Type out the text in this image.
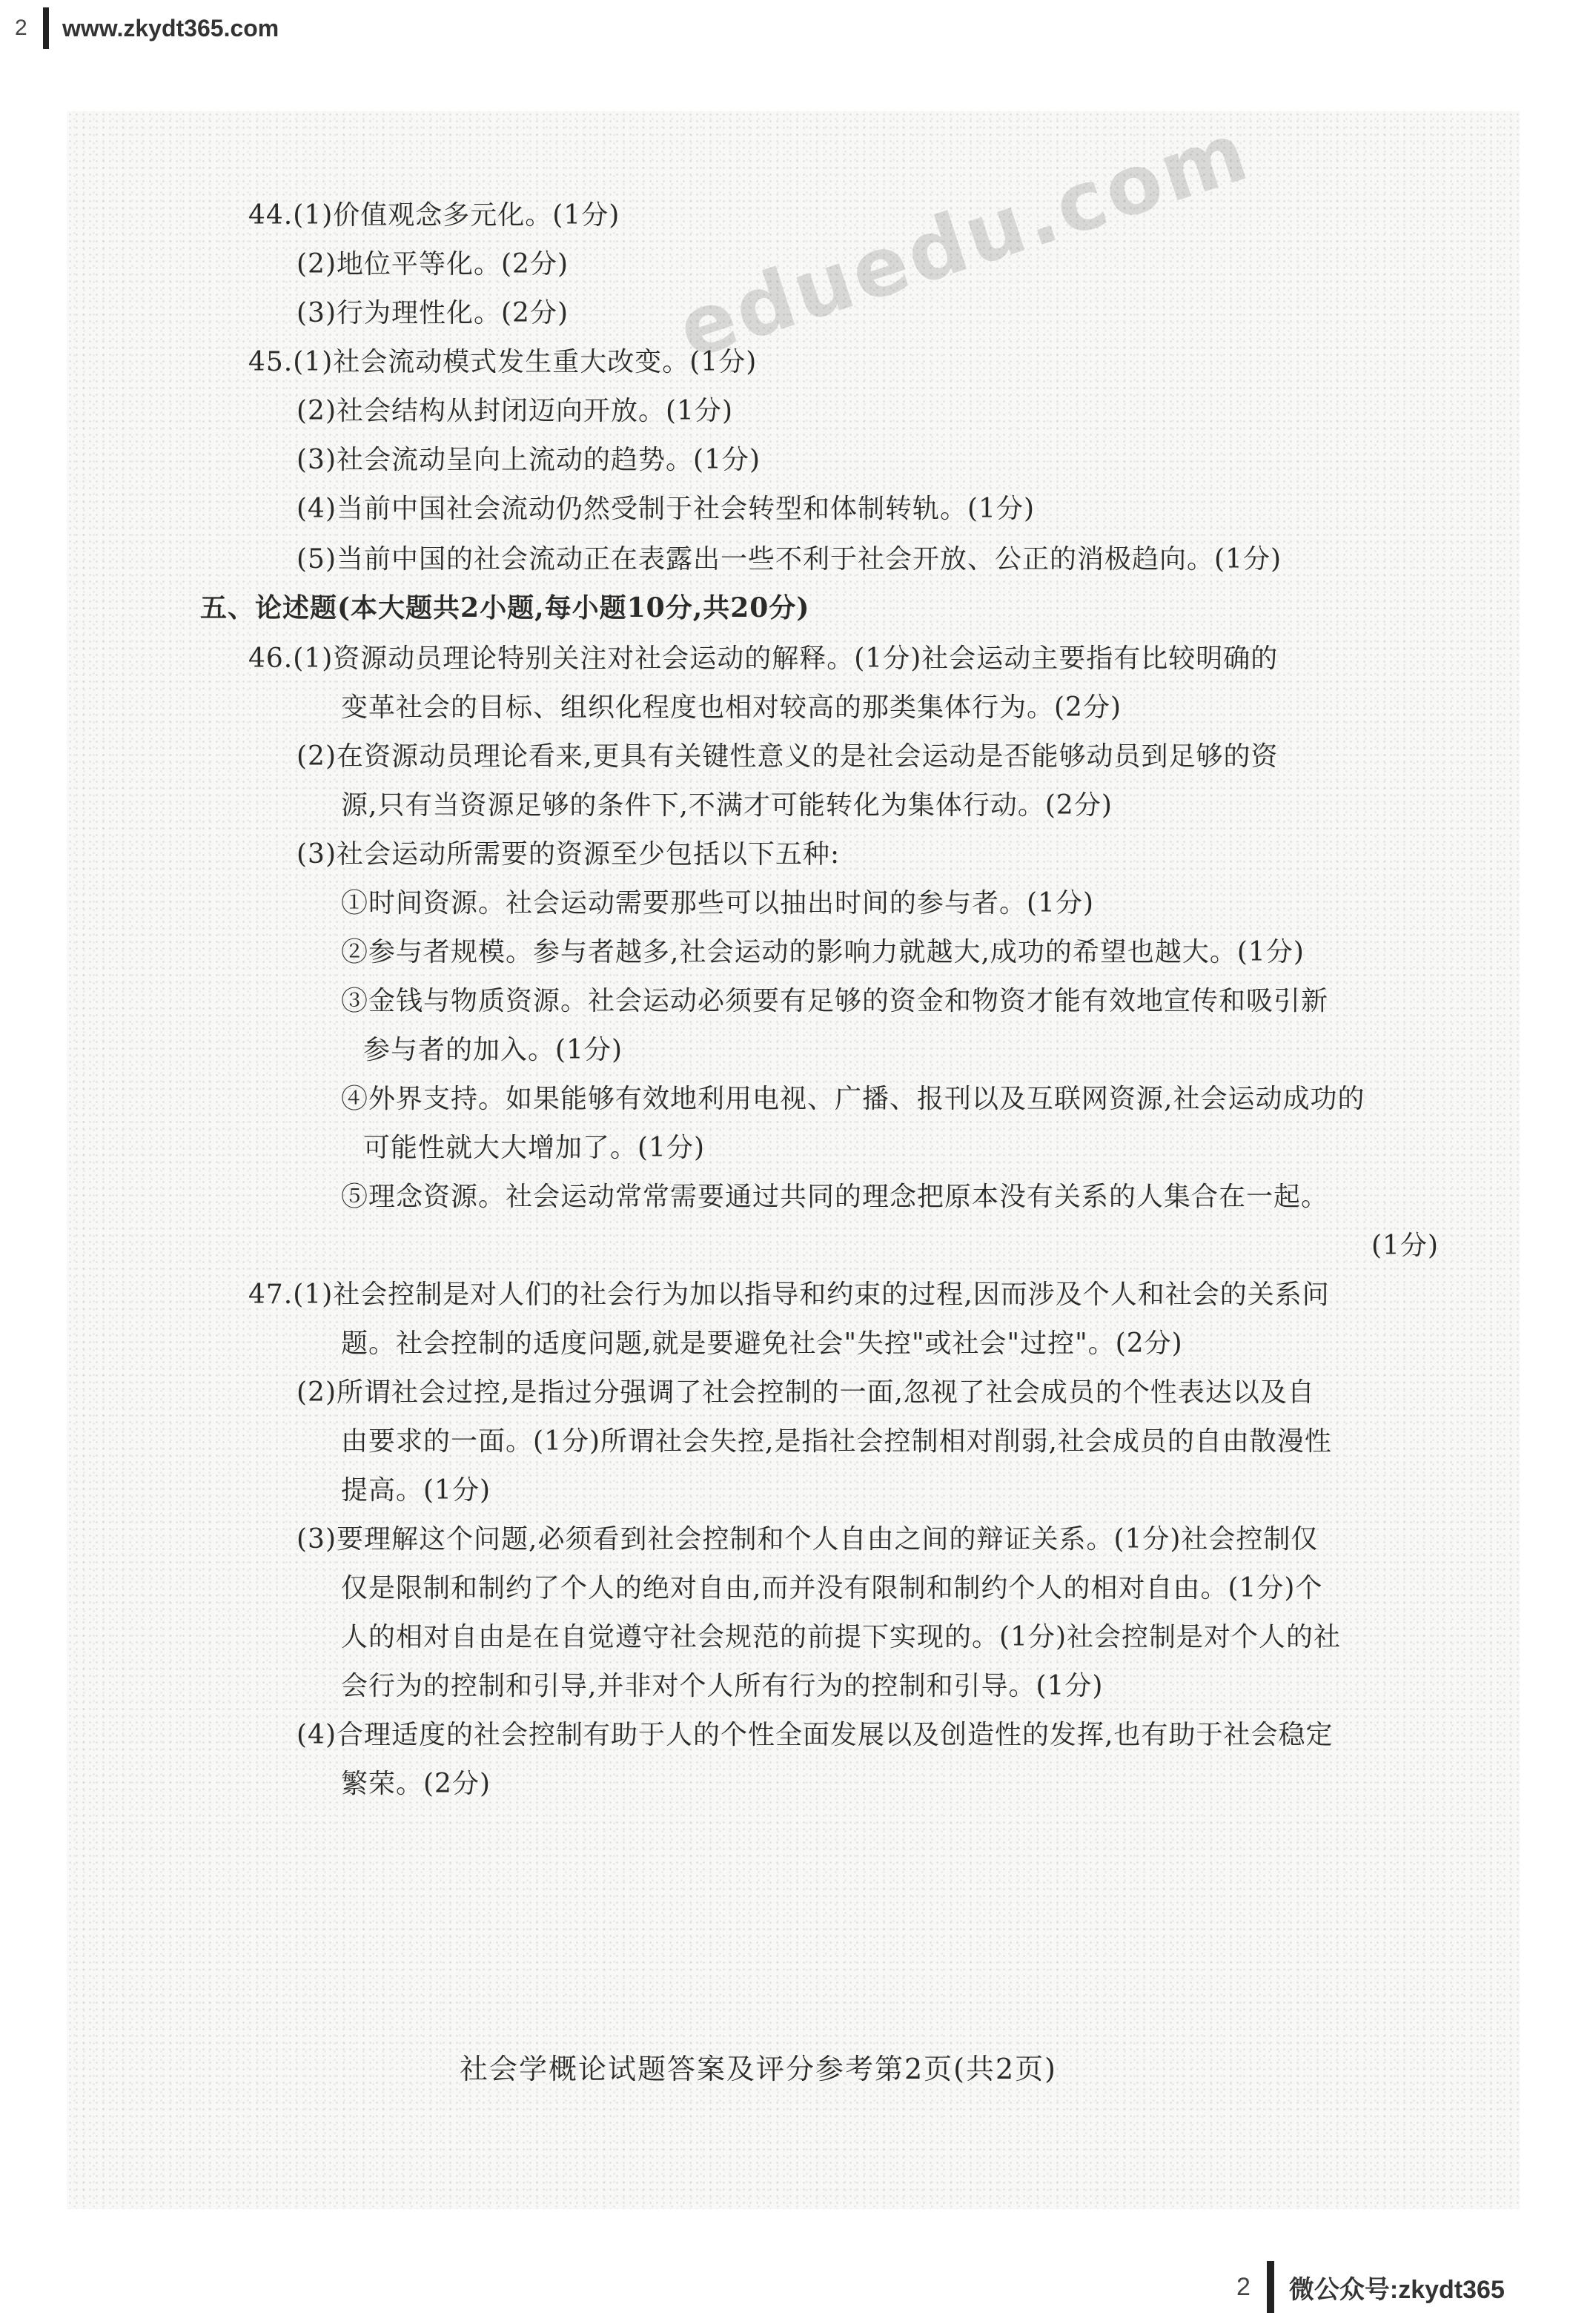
2	www.zkydt365.com
eduedu.com
44.(1)价值观念多元化。(1分)
(2)地位平等化。(2分)
(3)行为理性化。(2分)
45.(1)社会流动模式发生重大改变。(1分)
(2)社会结构从封闭迈向开放。(1分)
(3)社会流动呈向上流动的趋势。(1分)
(4)当前中国社会流动仍然受制于社会转型和体制转轨。(1分)
(5)当前中国的社会流动正在表露出一些不利于社会开放、公正的消极趋向。(1分)
五、论述题(本大题共2小题,每小题10分,共20分)
46.(1)资源动员理论特别关注对社会运动的解释。(1分)社会运动主要指有比较明确的
变革社会的目标、组织化程度也相对较高的那类集体行为。(2分)
(2)在资源动员理论看来,更具有关键性意义的是社会运动是否能够动员到足够的资
源,只有当资源足够的条件下,不满才可能转化为集体行动。(2分)
(3)社会运动所需要的资源至少包括以下五种:
①时间资源。社会运动需要那些可以抽出时间的参与者。(1分)
②参与者规模。参与者越多,社会运动的影响力就越大,成功的希望也越大。(1分)
③金钱与物质资源。社会运动必须要有足够的资金和物资才能有效地宣传和吸引新
参与者的加入。(1分)
④外界支持。如果能够有效地利用电视、广播、报刊以及互联网资源,社会运动成功的
可能性就大大增加了。(1分)
⑤理念资源。社会运动常常需要通过共同的理念把原本没有关系的人集合在一起。
(1分)
47.(1)社会控制是对人们的社会行为加以指导和约束的过程,因而涉及个人和社会的关系问
题。社会控制的适度问题,就是要避免社会"失控"或社会"过控"。(2分)
(2)所谓社会过控,是指过分强调了社会控制的一面,忽视了社会成员的个性表达以及自
由要求的一面。(1分)所谓社会失控,是指社会控制相对削弱,社会成员的自由散漫性
提高。(1分)
(3)要理解这个问题,必须看到社会控制和个人自由之间的辩证关系。(1分)社会控制仅
仅是限制和制约了个人的绝对自由,而并没有限制和制约个人的相对自由。(1分)个
人的相对自由是在自觉遵守社会规范的前提下实现的。(1分)社会控制是对个人的社
会行为的控制和引导,并非对个人所有行为的控制和引导。(1分)
(4)合理适度的社会控制有助于人的个性全面发展以及创造性的发挥,也有助于社会稳定
繁荣。(2分)
社会学概论试题答案及评分参考第2页(共2页)
2 微公众号:zkydt365
